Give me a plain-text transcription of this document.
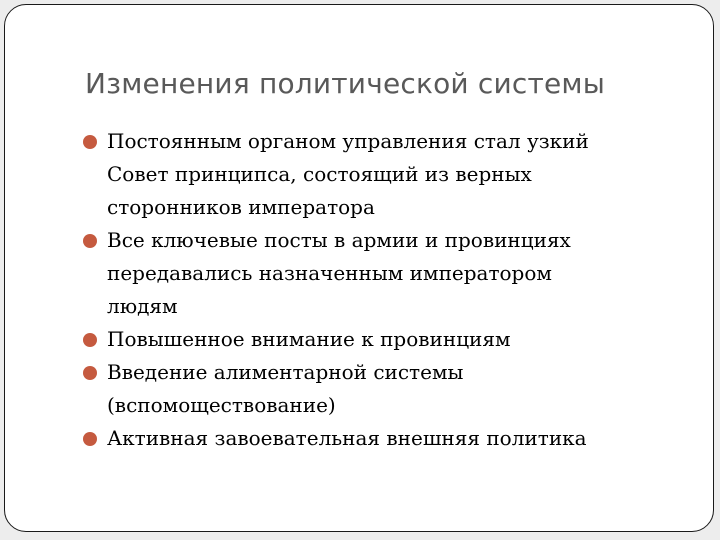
Изменения политической системы
Постоянным органом управления стал узкий
Совет принципса, состоящий из верных
сторонников императора
Все ключевые посты в армии и провинциях
передавались назначенным императором
людям
Повышенное внимание к провинциям
Введение алиментарной системы
(вспомоществование)
Активная завоевательная внешняя политика
